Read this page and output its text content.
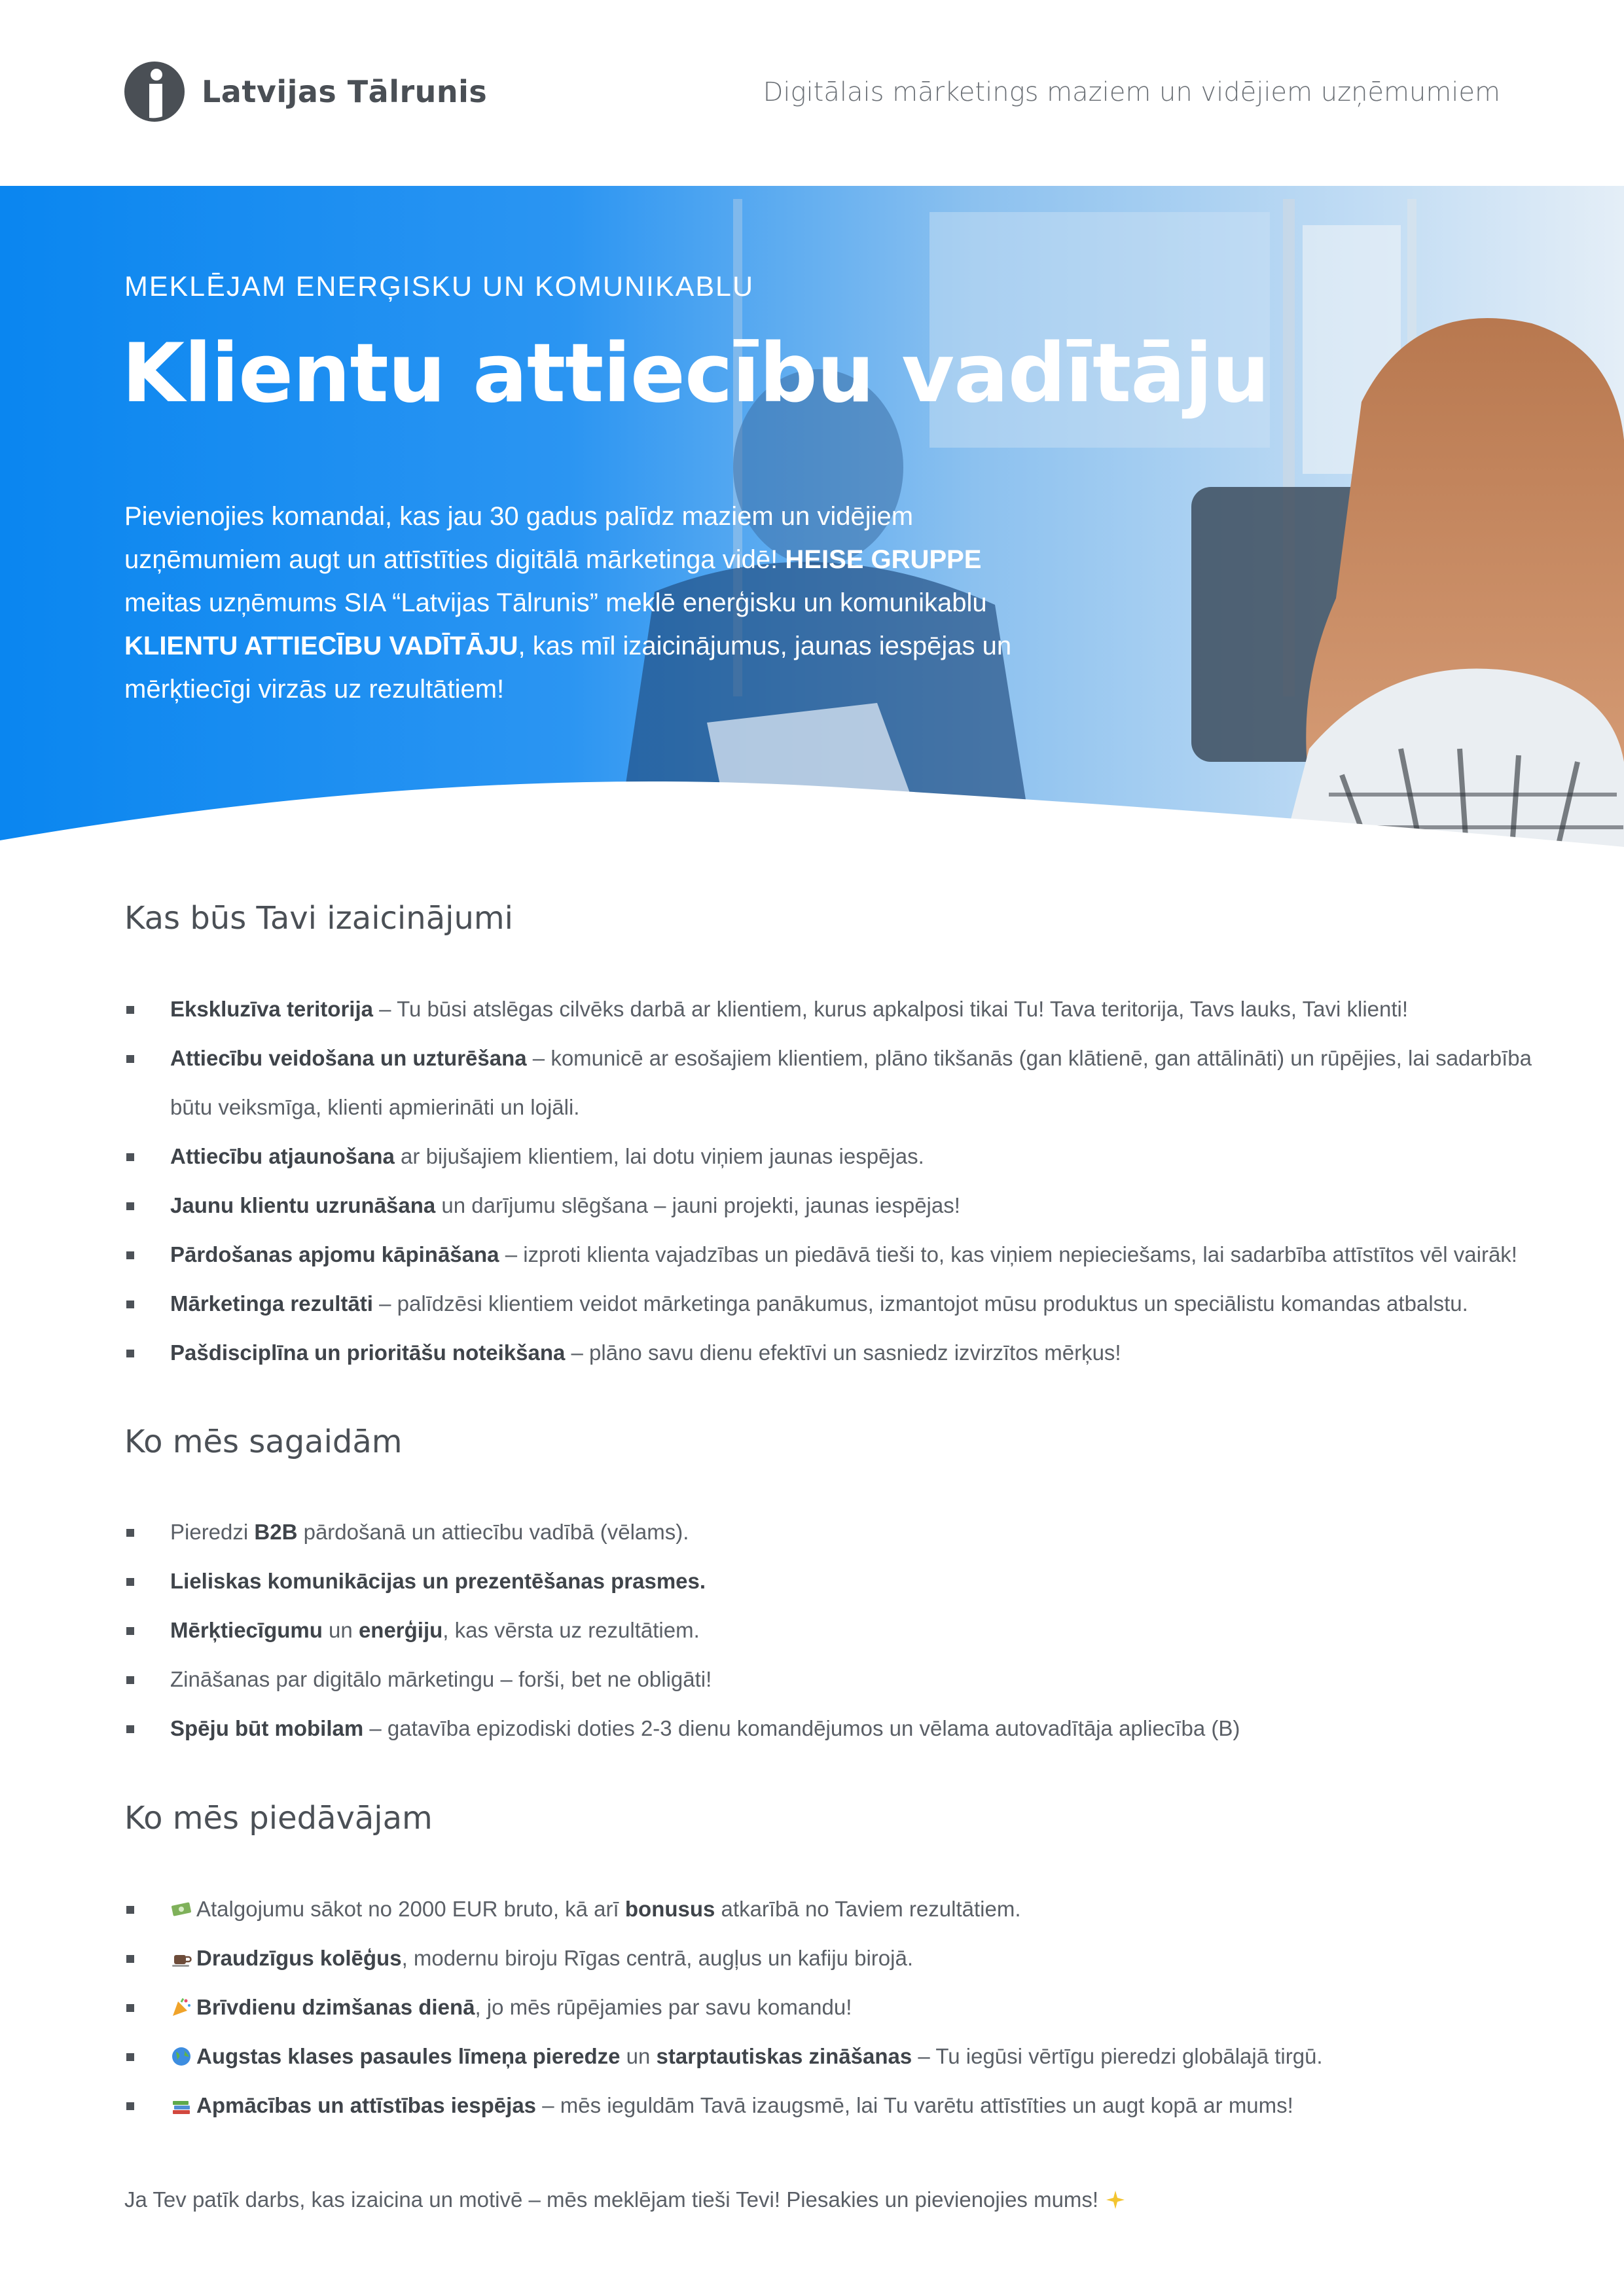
Latvijas Tālrunis	Digitālais mārketings maziem un vidējiem uzņēmumiem
MEKLĒJAM ENERĢISKU UN KOMUNIKABLU
Klientu attiecību vadītāju
Pievienojies komandai, kas jau 30 gadus palīdz maziem un vidējiem uzņēmumiem augt un attīstīties digitālā mārketinga vidē! HEISE GRUPPE meitas uzņēmums SIA “Latvijas Tālrunis” meklē enerģisku un komunikablu KLIENTU ATTIECĪBU VADĪTĀJU, kas mīl izaicinājumus, jaunas iespējas un mērķtiecīgi virzās uz rezultātiem!
Kas būs Tavi izaicinājumi
Ekskluzīva teritorija – Tu būsi atslēgas cilvēks darbā ar klientiem, kurus apkalposi tikai Tu! Tava teritorija, Tavs lauks, Tavi klienti!
Attiecību veidošana un uzturēšana – komunicē ar esošajiem klientiem, plāno tikšanās (gan klātienē, gan attālināti) un rūpējies, lai sadarbība būtu veiksmīga, klienti apmierināti un lojāli.
Attiecību atjaunošana ar bijušajiem klientiem, lai dotu viņiem jaunas iespējas.
Jaunu klientu uzrunāšana un darījumu slēgšana – jauni projekti, jaunas iespējas!
Pārdošanas apjomu kāpināšana – izproti klienta vajadzības un piedāvā tieši to, kas viņiem nepieciešams, lai sadarbība attīstītos vēl vairāk!
Mārketinga rezultāti – palīdzēsi klientiem veidot mārketinga panākumus, izmantojot mūsu produktus un speciālistu komandas atbalstu.
Pašdisciplīna un prioritāšu noteikšana – plāno savu dienu efektīvi un sasniedz izvirzītos mērķus!
Ko mēs sagaidām
Pieredzi B2B pārdošanā un attiecību vadībā (vēlams).
Lieliskas komunikācijas un prezentēšanas prasmes.
Mērķtiecīgumu un enerģiju, kas vērsta uz rezultātiem.
Zināšanas par digitālo mārketingu – forši, bet ne obligāti!
Spēju būt mobilam – gatavība epizodiski doties 2-3 dienu komandējumos un vēlama autovadītāja apliecība (B)
Ko mēs piedāvājam
Atalgojumu sākot no 2000 EUR bruto, kā arī bonusus atkarībā no Taviem rezultātiem.
Draudzīgus kolēģus, modernu biroju Rīgas centrā, augļus un kafiju birojā.
Brīvdienu dzimšanas dienā, jo mēs rūpējamies par savu komandu!
Augstas klases pasaules līmeņa pieredze un starptautiskas zināšanas – Tu iegūsi vērtīgu pieredzi globālajā tirgū.
Apmācības un attīstības iespējas – mēs ieguldām Tavā izaugsmē, lai Tu varētu attīstīties un augt kopā ar mums!
Ja Tev patīk darbs, kas izaicina un motivē – mēs meklējam tieši Tevi! Piesakies un pievienojies mums!
